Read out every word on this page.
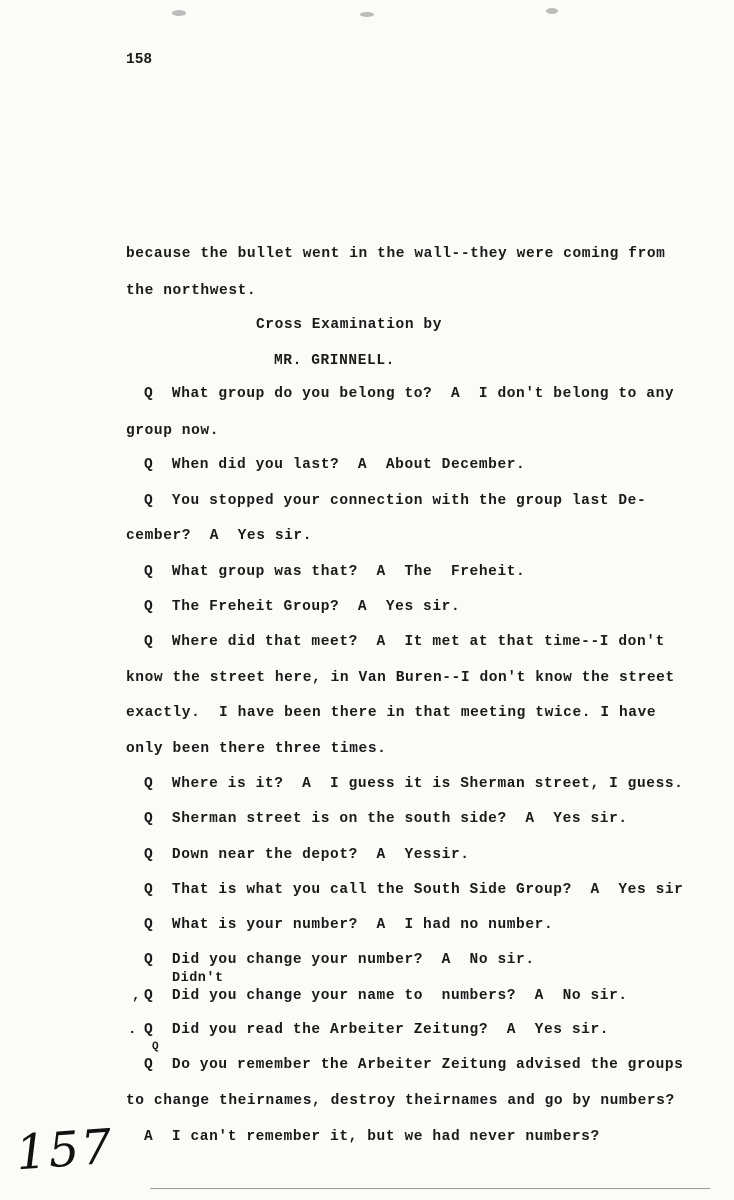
158
because the bullet went in the wall--they were coming from
the northwest.
Cross Examination by
MR. GRINNELL.
Q  What group do you belong to?  A  I don't belong to any
group now.
Q  When did you last?  A  About December.
Q  You stopped your connection with the group last De-
cember?  A  Yes sir.
Q  What group was that?  A  The  Freheit.
Q  The Freheit Group?  A  Yes sir.
Q  Where did that meet?  A  It met at that time--I don't
know the street here, in Van Buren--I don't know the street
exactly.  I have been there in that meeting twice. I have
only been there three times.
Q  Where is it?  A  I guess it is Sherman street, I guess.
Q  Sherman street is on the south side?  A  Yes sir.
Q  Down near the depot?  A  Yessir.
Q  That is what you call the South Side Group?  A  Yes sir
Q  What is your number?  A  I had no number.
Q  Did you change your number?  A  No sir.
Didn't
, Q  Did you change your name to  numbers?  A  No sir.
. Q  Did you read the Arbeiter Zeitung?  A  Yes sir.
Q
Q  Do you remember the Arbeiter Zeitung advised the groups
to change theirnames, destroy theirnames and go by numbers?
A  I can't remember it, but we had never numbers?
157
